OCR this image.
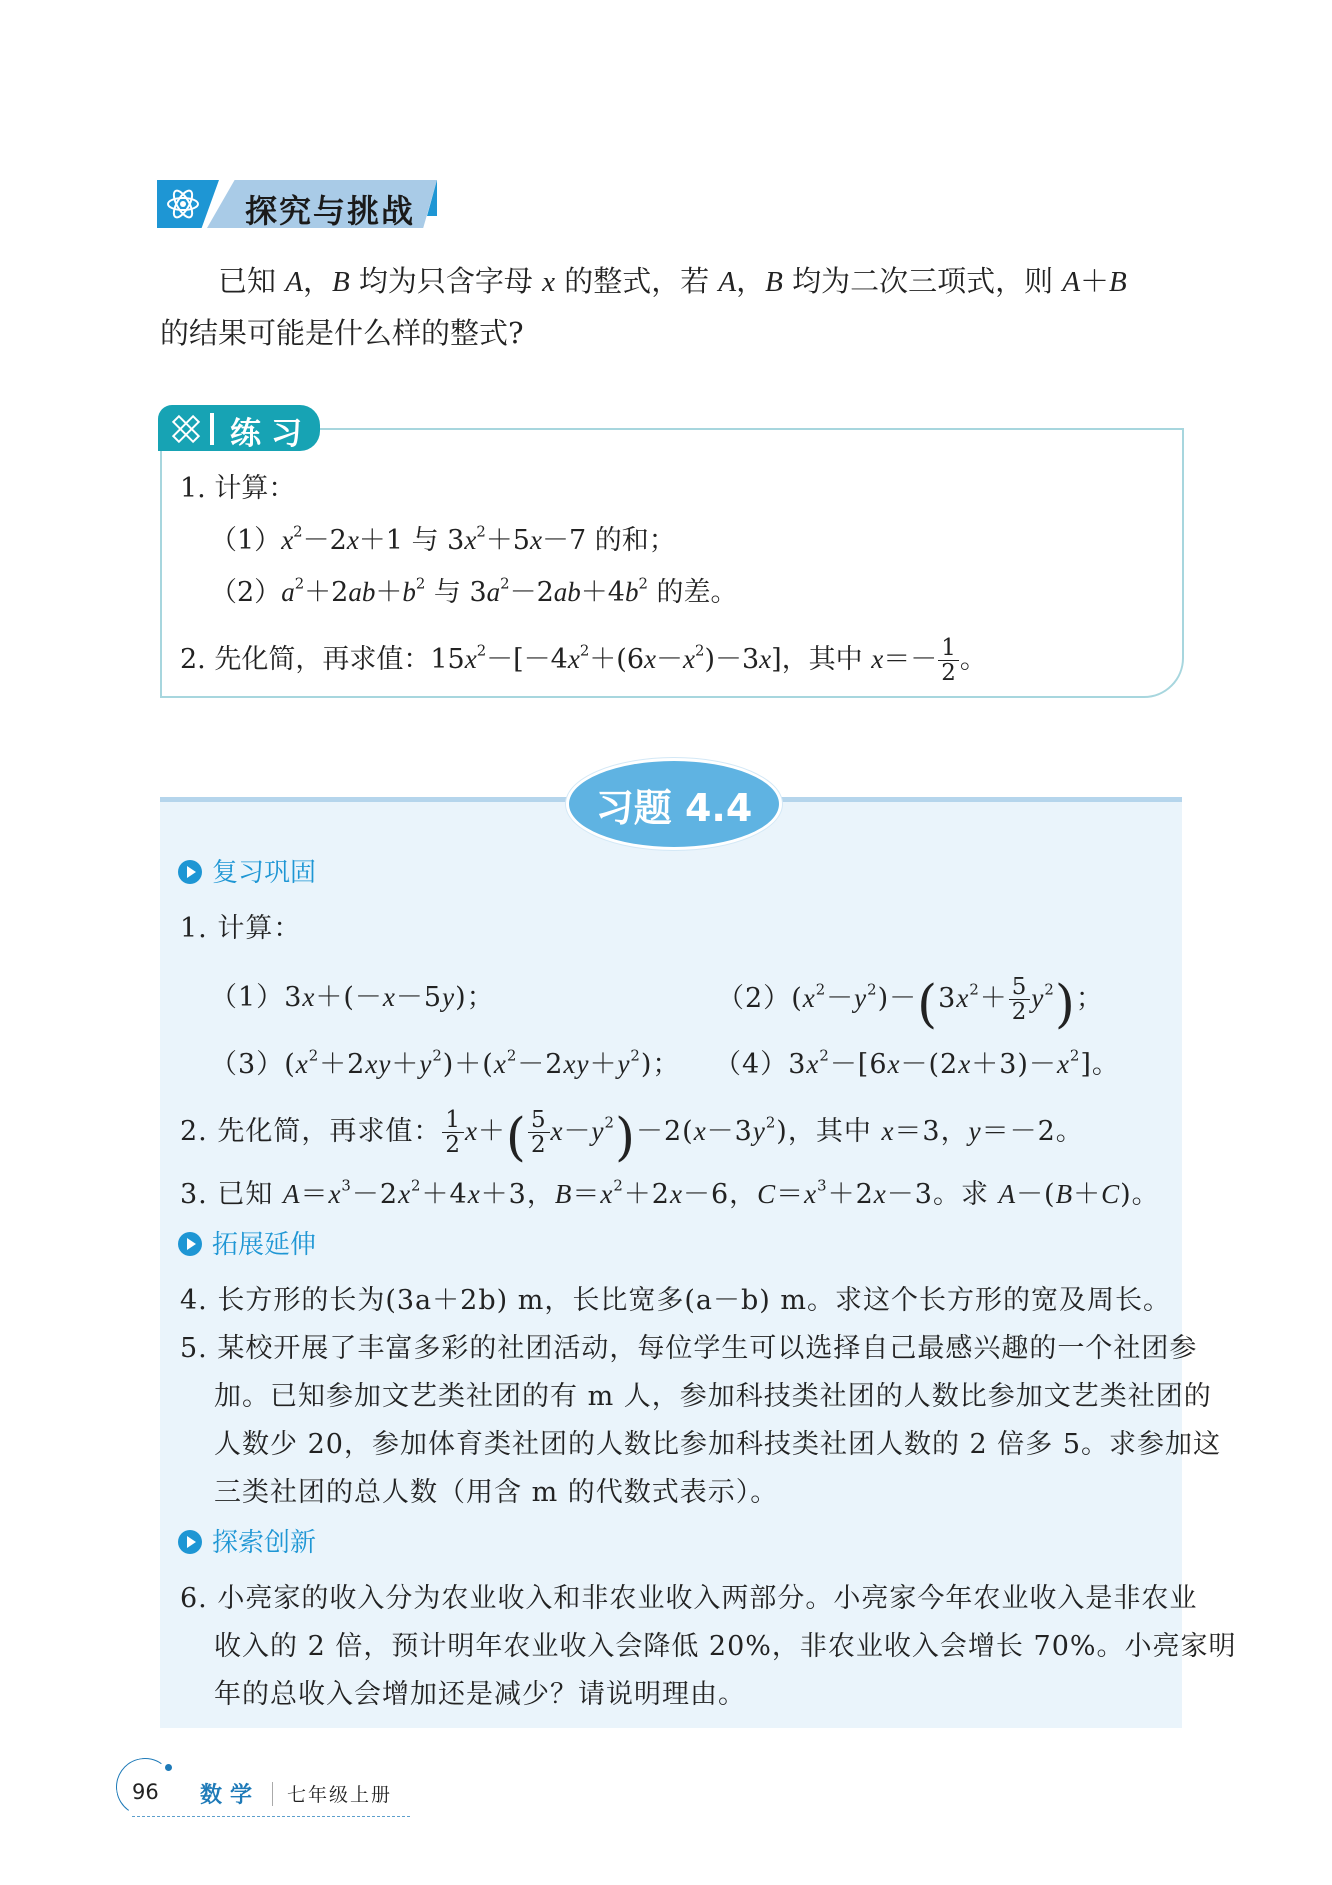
探究与挑战
已知 A，B 均为只含字母 x 的整式，若 A，B 均为二次三项式，则 A＋B
的结果可能是什么样的整式?
练习
1. 计算：
$(1)x^2-2x+1$ 与 $3x^2+5x-7$ 的和；
$(2)a^2+2ab+b^2$ 与 $3a^2-2ab+4b^2$ 的差。
2. 先化简，再求值：$15x^2-[-4x^2+(6x-x^2)-3x]$，其中 $x=- \frac{1}{2}$ 。
习题 4.4
复习巩固
1. 计算：
（1）3x＋(－x－5y)；	$(2)(x^2-y^2)-(3x^2+ \frac{5}{2} y^2)$；
$(3)(x^2+2xy+y^2)+(x^2-2xy+y^2)$； $(4)3x^2-[6x-(2x+3)-x^2]$。
2. 先化简，再求值： $\frac{1}{2} x+( \frac{5}{2} x-y^2)-2(x-3y^2)$，其中 x＝3，y＝－2。
3. 已知 $A=x^3-2x^2+4x+3$，$B=x^2+2x-6$，$C=x^3+2x-3$。求 A－(B＋C)。
拓展延伸
4. 长方形的长为(3a＋2b) m，长比宽多(a－b) m。求这个长方形的宽及周长。
5. 某校开展了丰富多彩的社团活动，每位学生可以选择自己最感兴趣的一个社团参
加。已知参加文艺类社团的有 m 人，参加科技类社团的人数比参加文艺类社团的
人数少 20，参加体育类社团的人数比参加科技类社团人数的 2 倍多 5。求参加这
三类社团的总人数（用含 m 的代数式表示）。
探索创新
6. 小亮家的收入分为农业收入和非农业收入两部分。小亮家今年农业收入是非农业
收入的 2 倍，预计明年农业收入会降低 20%，非农业收入会增长 70%。小亮家明
年的总收入会增加还是减少？请说明理由。
96 数学 七年级上册
